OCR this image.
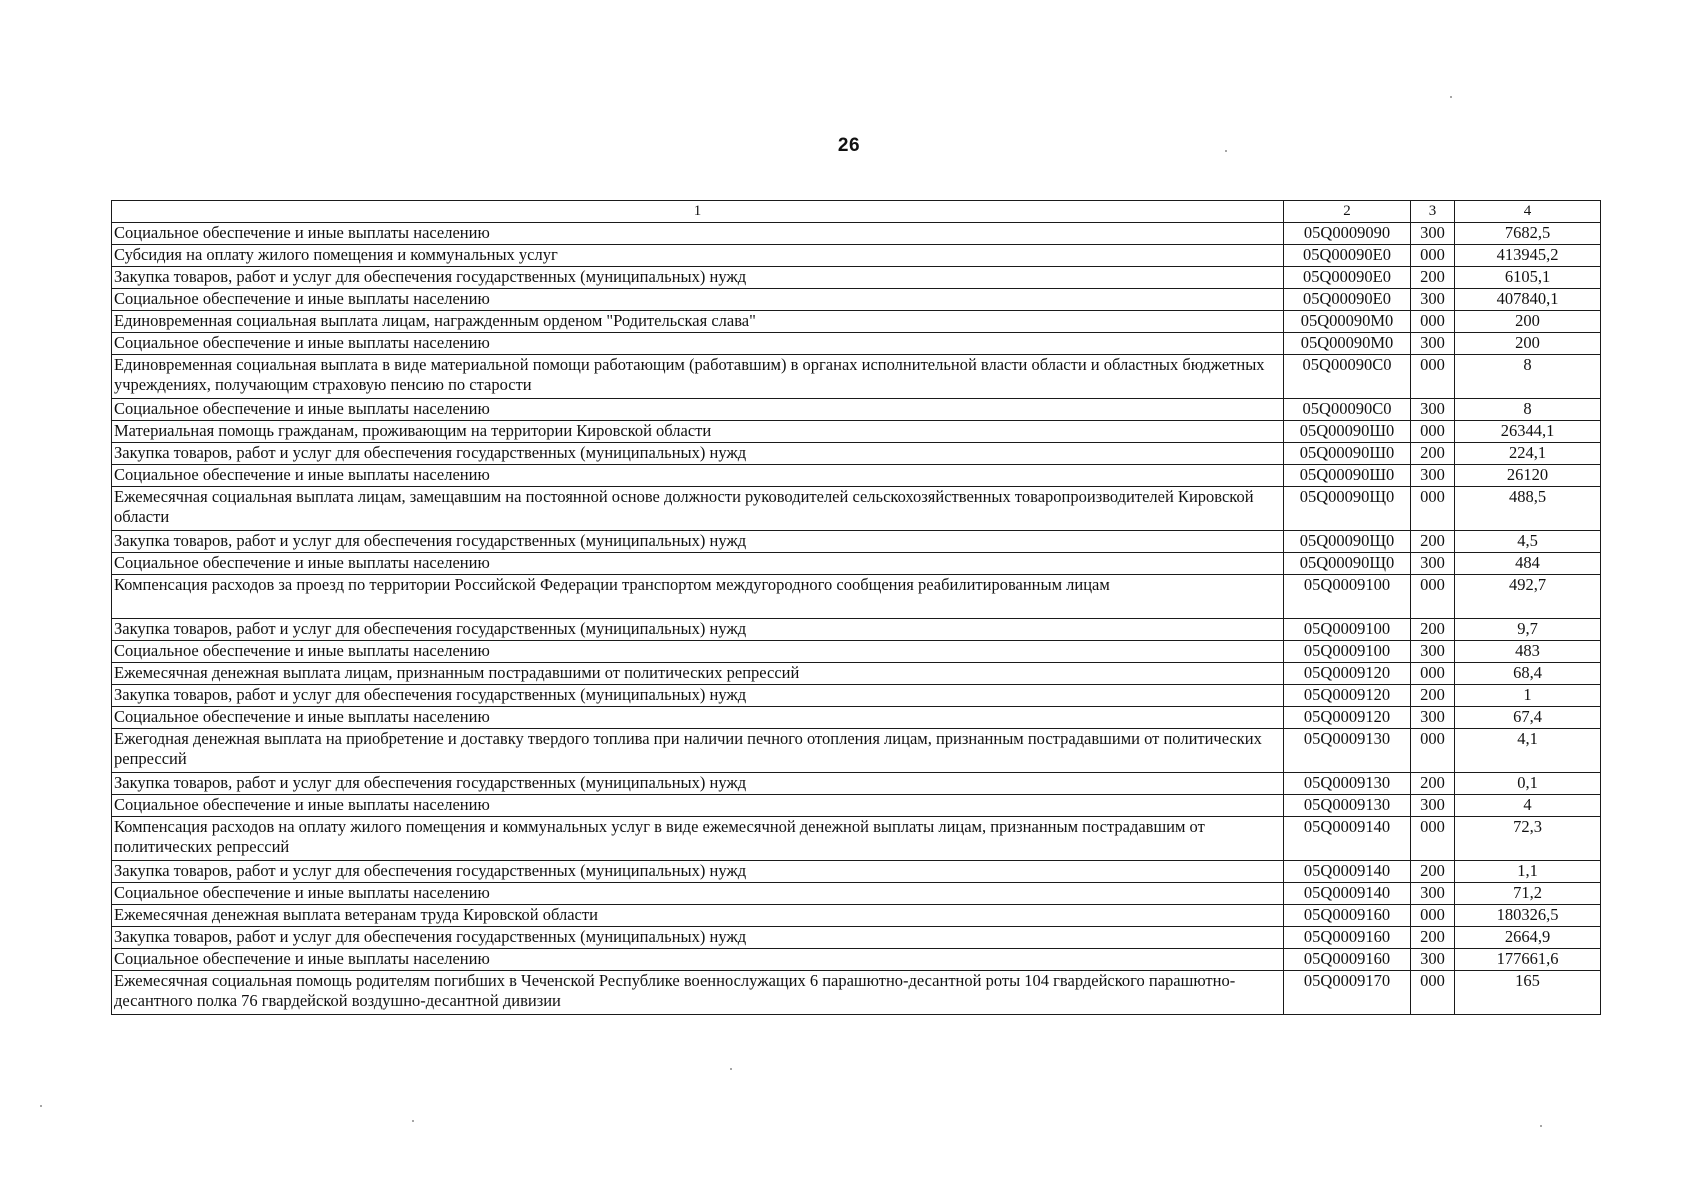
26
1	2	3	4
Социальное обеспечение и иные выплаты населению	05Q0009090	300	7682,5
Субсидия на оплату жилого помещения и коммунальных услуг	05Q00090Е0	000	413945,2
Закупка товаров, работ и услуг для обеспечения государственных (муниципальных) нужд	05Q00090Е0	200	6105,1
Социальное обеспечение и иные выплаты населению	05Q00090Е0	300	407840,1
Единовременная социальная выплата лицам, награжденным орденом "Родительская слава"	05Q00090М0	000	200
Социальное обеспечение и иные выплаты населению	05Q00090М0	300	200
Единовременная социальная выплата в виде материальной помощи работающим (работавшим) в органах исполнительной власти области и областных бюджетных учреждениях, получающим страховую пенсию по старости	05Q00090С0	000	8
Социальное обеспечение и иные выплаты населению	05Q00090С0	300	8
Материальная помощь гражданам, проживающим на территории Кировской области	05Q00090Ш0	000	26344,1
Закупка товаров, работ и услуг для обеспечения государственных (муниципальных) нужд	05Q00090Ш0	200	224,1
Социальное обеспечение и иные выплаты населению	05Q00090Ш0	300	26120
Ежемесячная социальная выплата лицам, замещавшим на постоянной основе должности руководителей сельскохозяйственных товаропроизводителей Кировской области	05Q00090Щ0	000	488,5
Закупка товаров, работ и услуг для обеспечения государственных (муниципальных) нужд	05Q00090Щ0	200	4,5
Социальное обеспечение и иные выплаты населению	05Q00090Щ0	300	484
Компенсация расходов за проезд по территории Российской Федерации транспортом междугородного сообщения реабилитированным лицам	05Q0009100	000	492,7
Закупка товаров, работ и услуг для обеспечения государственных (муниципальных) нужд	05Q0009100	200	9,7
Социальное обеспечение и иные выплаты населению	05Q0009100	300	483
Ежемесячная денежная выплата лицам, признанным пострадавшими от политических репрессий	05Q0009120	000	68,4
Закупка товаров, работ и услуг для обеспечения государственных (муниципальных) нужд	05Q0009120	200	1
Социальное обеспечение и иные выплаты населению	05Q0009120	300	67,4
Ежегодная денежная выплата на приобретение и доставку твердого топлива при наличии печного отопления лицам, признанным пострадавшими от политических репрессий	05Q0009130	000	4,1
Закупка товаров, работ и услуг для обеспечения государственных (муниципальных) нужд	05Q0009130	200	0,1
Социальное обеспечение и иные выплаты населению	05Q0009130	300	4
Компенсация расходов на оплату жилого помещения и коммунальных услуг в виде ежемесячной денежной выплаты лицам, признанным пострадавшим от политических репрессий	05Q0009140	000	72,3
Закупка товаров, работ и услуг для обеспечения государственных (муниципальных) нужд	05Q0009140	200	1,1
Социальное обеспечение и иные выплаты населению	05Q0009140	300	71,2
Ежемесячная денежная выплата ветеранам труда Кировской области	05Q0009160	000	180326,5
Закупка товаров, работ и услуг для обеспечения государственных (муниципальных) нужд	05Q0009160	200	2664,9
Социальное обеспечение и иные выплаты населению	05Q0009160	300	177661,6
Ежемесячная социальная помощь родителям погибших в Чеченской Республике военнослужащих 6 парашютно-десантной роты 104 гвардейского парашютно-десантного полка 76 гвардейской воздушно-десантной дивизии	05Q0009170	000	165
